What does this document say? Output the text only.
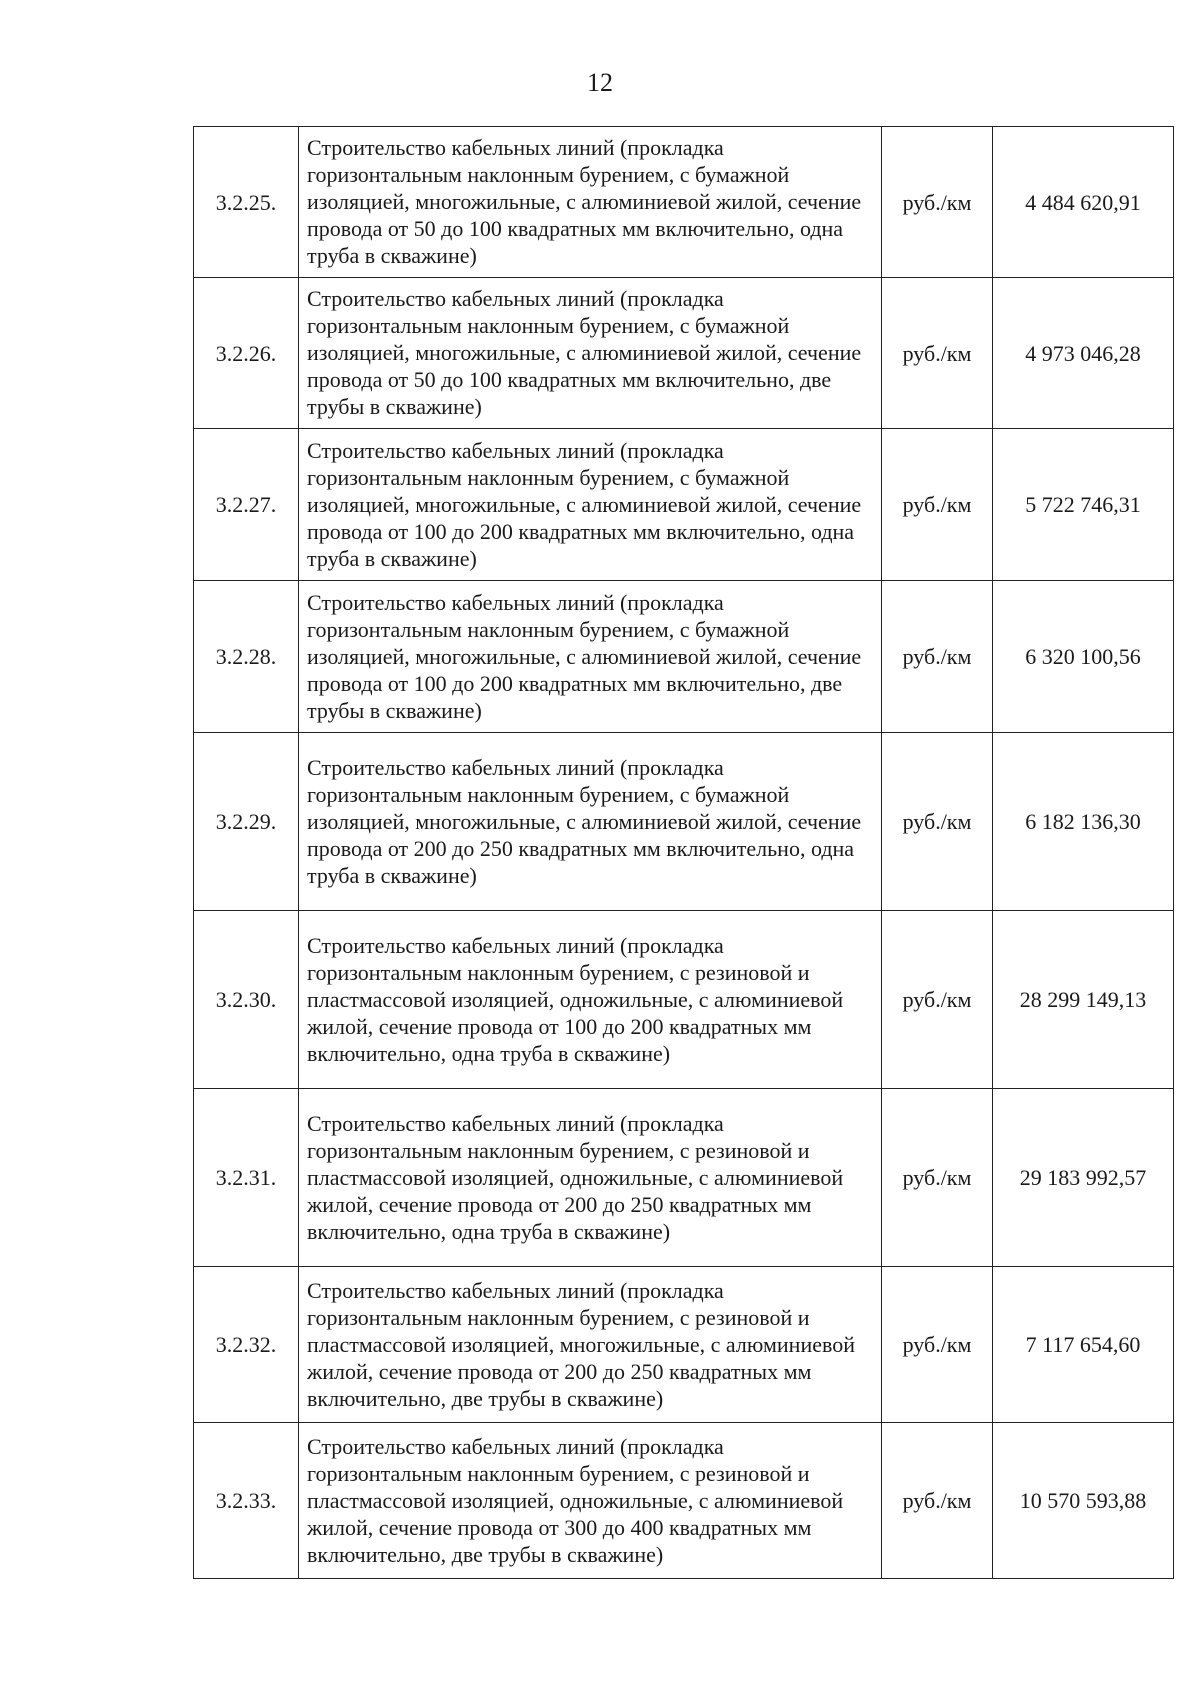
12
3.2.25.	Строительство кабельных линий (прокладка горизонтальным наклонным бурением, с бумажной изоляцией, многожильные, с алюминиевой жилой, сечение провода от 50 до 100 квадратных мм включительно, одна труба в скважине)	руб./км	4 484 620,91
3.2.26.	Строительство кабельных линий (прокладка горизонтальным наклонным бурением, с бумажной изоляцией, многожильные, с алюминиевой жилой, сечение провода от 50 до 100 квадратных мм включительно, две трубы в скважине)	руб./км	4 973 046,28
3.2.27.	Строительство кабельных линий (прокладка горизонтальным наклонным бурением, с бумажной изоляцией, многожильные, с алюминиевой жилой, сечение провода от 100 до 200 квадратных мм включительно, одна труба в скважине)	руб./км	5 722 746,31
3.2.28.	Строительство кабельных линий (прокладка горизонтальным наклонным бурением, с бумажной изоляцией, многожильные, с алюминиевой жилой, сечение провода от 100 до 200 квадратных мм включительно, две трубы в скважине)	руб./км	6 320 100,56
3.2.29.	Строительство кабельных линий (прокладка горизонтальным наклонным бурением, с бумажной изоляцией, многожильные, с алюминиевой жилой, сечение провода от 200 до 250 квадратных мм включительно, одна труба в скважине)	руб./км	6 182 136,30
3.2.30.	Строительство кабельных линий (прокладка горизонтальным наклонным бурением, с резиновой и пластмассовой изоляцией, одножильные, с алюминиевой жилой, сечение провода от 100 до 200 квадратных мм включительно, одна труба в скважине)	руб./км	28 299 149,13
3.2.31.	Строительство кабельных линий (прокладка горизонтальным наклонным бурением, с резиновой и пластмассовой изоляцией, одножильные, с алюминиевой жилой, сечение провода от 200 до 250 квадратных мм включительно, одна труба в скважине)	руб./км	29 183 992,57
3.2.32.	Строительство кабельных линий (прокладка горизонтальным наклонным бурением, с резиновой и пластмассовой изоляцией, многожильные, с алюминиевой жилой, сечение провода от 200 до 250 квадратных мм включительно, две трубы в скважине)	руб./км	7 117 654,60
3.2.33.	Строительство кабельных линий (прокладка горизонтальным наклонным бурением, с резиновой и пластмассовой изоляцией, одножильные, с алюминиевой жилой, сечение провода от 300 до 400 квадратных мм включительно, две трубы в скважине)	руб./км	10 570 593,88
